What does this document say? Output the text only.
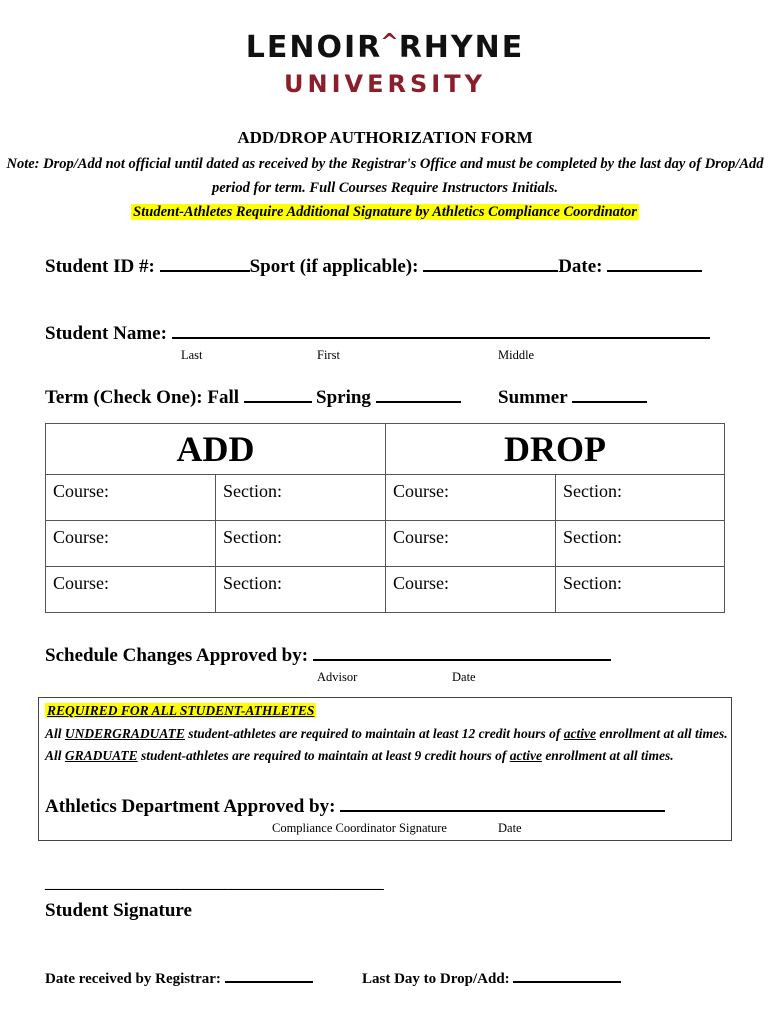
LENOIR^RHYNE
UNIVERSITY
ADD/DROP AUTHORIZATION FORM
Note: Drop/Add not official until dated as received by the Registrar's Office and must be completed by the last day of Drop/Add
period for term. Full Courses Require Instructors Initials.
Student-Athletes Require Additional Signature by Athletics Compliance Coordinator
Student ID #:	Sport (if applicable):	Date:
Student Name:
Last	First	Middle
Term (Check One): Fall	Spring	Summer
ADD		DROP	
Course:	Section:	Course:	Section:
Course:	Section:	Course:	Section:
Course:	Section:	Course:	Section:
Schedule Changes Approved by:
Advisor	Date
REQUIRED FOR ALL STUDENT-ATHLETES
All UNDERGRADUATE student-athletes are required to maintain at least 12 credit hours of active enrollment at all times.
All GRADUATE student-athletes are required to maintain at least 9 credit hours of active enrollment at all times.
Athletics Department Approved by:
Compliance Coordinator Signature	Date
_________________________________________________
Student Signature
Date received by Registrar:	Last Day to Drop/Add:
